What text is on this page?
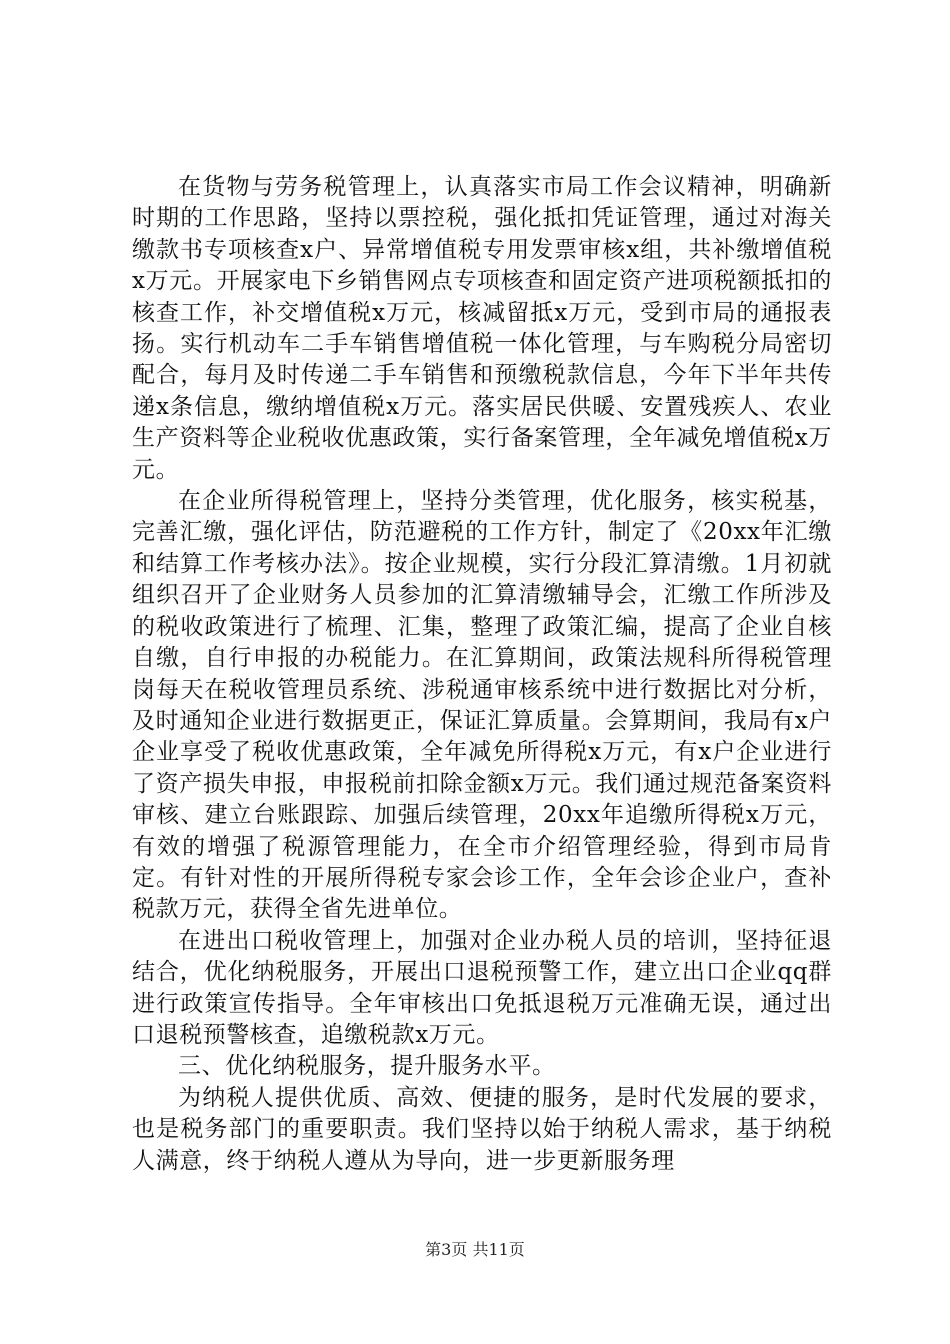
在货物与劳务税管理上，认真落实市局工作会议精神，明确新时期的工作思路，坚持以票控税，强化抵扣凭证管理，通过对海关缴款书专项核查x户、异常增值税专用发票审核x组，共补缴增值税x万元。开展家电下乡销售网点专项核查和固定资产进项税额抵扣的核查工作，补交增值税x万元，核减留抵x万元，受到市局的通报表扬。实行机动车二手车销售增值税一体化管理，与车购税分局密切配合，每月及时传递二手车销售和预缴税款信息，今年下半年共传递x条信息，缴纳增值税x万元。落实居民供暖、安置残疾人、农业生产资料等企业税收优惠政策，实行备案管理，全年减免增值税x万元。

在企业所得税管理上，坚持分类管理，优化服务，核实税基，完善汇缴，强化评估，防范避税的工作方针，制定了《20xx年汇缴和结算工作考核办法》。按企业规模，实行分段汇算清缴。1月初就组织召开了企业财务人员参加的汇算清缴辅导会，汇缴工作所涉及的税收政策进行了梳理、汇集，整理了政策汇编，提高了企业自核自缴，自行申报的办税能力。在汇算期间，政策法规科所得税管理岗每天在税收管理员系统、涉税通审核系统中进行数据比对分析，及时通知企业进行数据更正，保证汇算质量。会算期间，我局有x户企业享受了税收优惠政策，全年减免所得税x万元，有x户企业进行了资产损失申报，申报税前扣除金额x万元。我们通过规范备案资料审核、建立台账跟踪、加强后续管理，20xx年追缴所得税x万元，有效的增强了税源管理能力，在全市介绍管理经验，得到市局肯定。有针对性的开展所得税专家会诊工作，全年会诊企业户，查补税款万元，获得全省先进单位。

在进出口税收管理上，加强对企业办税人员的培训，坚持征退结合，优化纳税服务，开展出口退税预警工作，建立出口企业qq群进行政策宣传指导。全年审核出口免抵退税万元准确无误，通过出口退税预警核查，追缴税款x万元。

三、优化纳税服务，提升服务水平。

为纳税人提供优质、高效、便捷的服务，是时代发展的要求，也是税务部门的重要职责。我们坚持以始于纳税人需求，基于纳税人满意，终于纳税人遵从为导向，进一步更新服务理

第3页 共11页
